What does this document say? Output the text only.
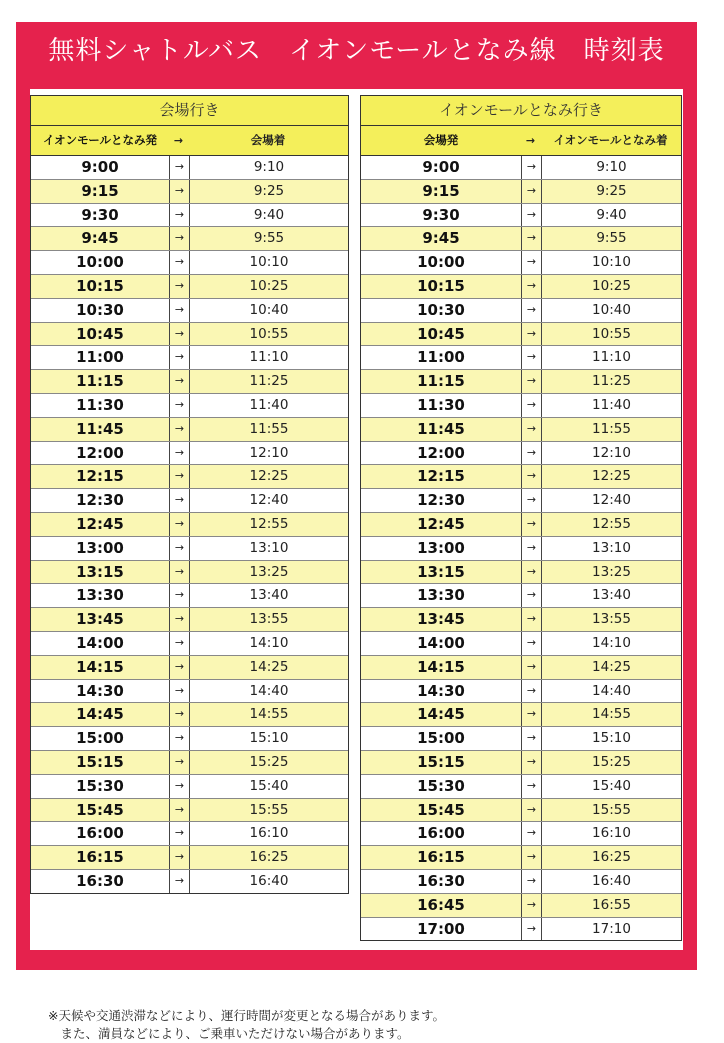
無料シャトルバス　イオンモールとなみ線　時刻表
会場行き
イオンモールとなみ発	→	会場着
9:00	→	9:10
9:15	→	9:25
9:30	→	9:40
9:45	→	9:55
10:00	→	10:10
10:15	→	10:25
10:30	→	10:40
10:45	→	10:55
11:00	→	11:10
11:15	→	11:25
11:30	→	11:40
11:45	→	11:55
12:00	→	12:10
12:15	→	12:25
12:30	→	12:40
12:45	→	12:55
13:00	→	13:10
13:15	→	13:25
13:30	→	13:40
13:45	→	13:55
14:00	→	14:10
14:15	→	14:25
14:30	→	14:40
14:45	→	14:55
15:00	→	15:10
15:15	→	15:25
15:30	→	15:40
15:45	→	15:55
16:00	→	16:10
16:15	→	16:25
16:30	→	16:40
イオンモールとなみ行き
会場発	→	イオンモールとなみ着
9:00	→	9:10
9:15	→	9:25
9:30	→	9:40
9:45	→	9:55
10:00	→	10:10
10:15	→	10:25
10:30	→	10:40
10:45	→	10:55
11:00	→	11:10
11:15	→	11:25
11:30	→	11:40
11:45	→	11:55
12:00	→	12:10
12:15	→	12:25
12:30	→	12:40
12:45	→	12:55
13:00	→	13:10
13:15	→	13:25
13:30	→	13:40
13:45	→	13:55
14:00	→	14:10
14:15	→	14:25
14:30	→	14:40
14:45	→	14:55
15:00	→	15:10
15:15	→	15:25
15:30	→	15:40
15:45	→	15:55
16:00	→	16:10
16:15	→	16:25
16:30	→	16:40
16:45	→	16:55
17:00	→	17:10
※天候や交通渋滞などにより、運行時間が変更となる場合があります。
　また、満員などにより、ご乗車いただけない場合があります。
